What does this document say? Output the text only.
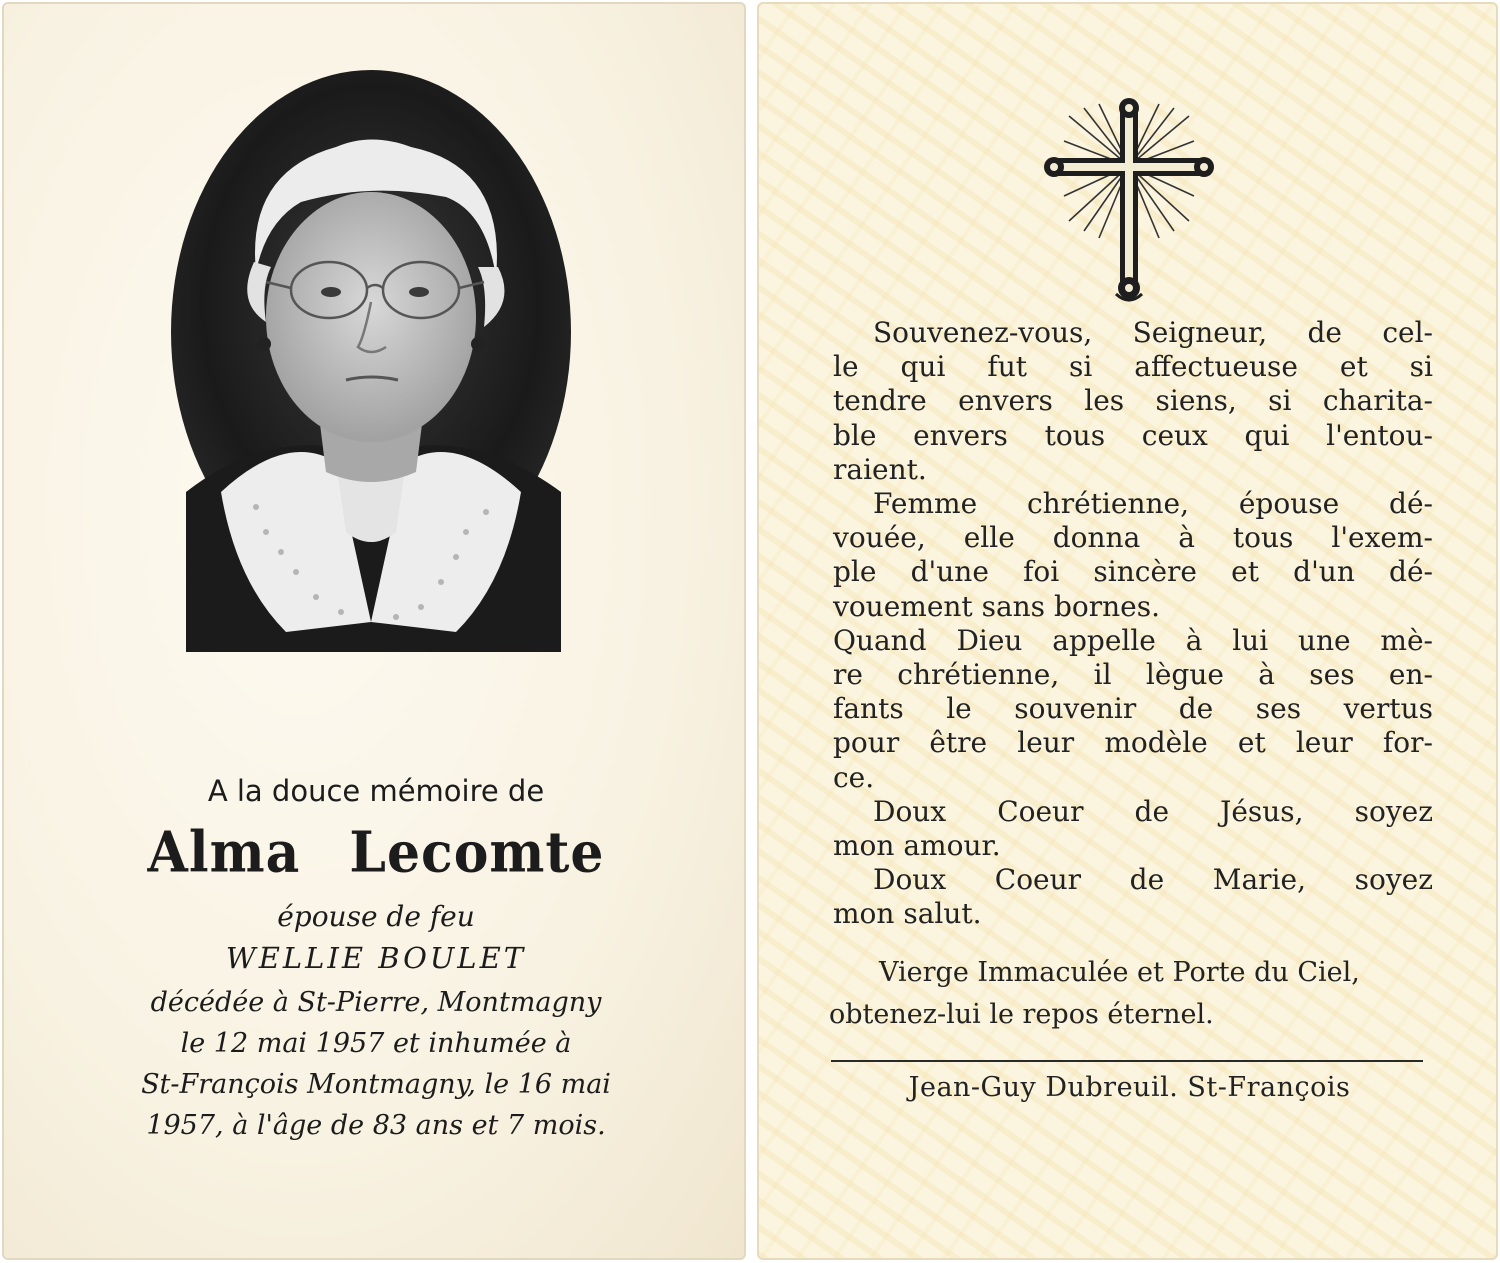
A la douce mémoire de
Alma Lecomte
épouse de feu
WELLIE BOULET
décédée à St-Pierre, Montmagny
le 12 mai 1957 et inhumée à
St-François Montmagny, le 16 mai
1957, à l'âge de 83 ans et 7 mois.
Souvenez-vous, Seigneur, de cel-
le qui fut si affectueuse et si
tendre envers les siens, si charita-
ble envers tous ceux qui l'entou-
raient.
Femme chrétienne, épouse dé-
vouée, elle donna à tous l'exem-
ple d'une foi sincère et d'un dé-
vouement sans bornes.
Quand Dieu appelle à lui une mè-
re chrétienne, il lègue à ses en-
fants le souvenir de ses vertus
pour être leur modèle et leur for-
ce.
Doux Coeur de Jésus, soyez
mon amour.
Doux Coeur de Marie, soyez
mon salut.
Vierge Immaculée et Porte du Ciel,
obtenez-lui le repos éternel.
Jean-Guy Dubreuil. St-François
